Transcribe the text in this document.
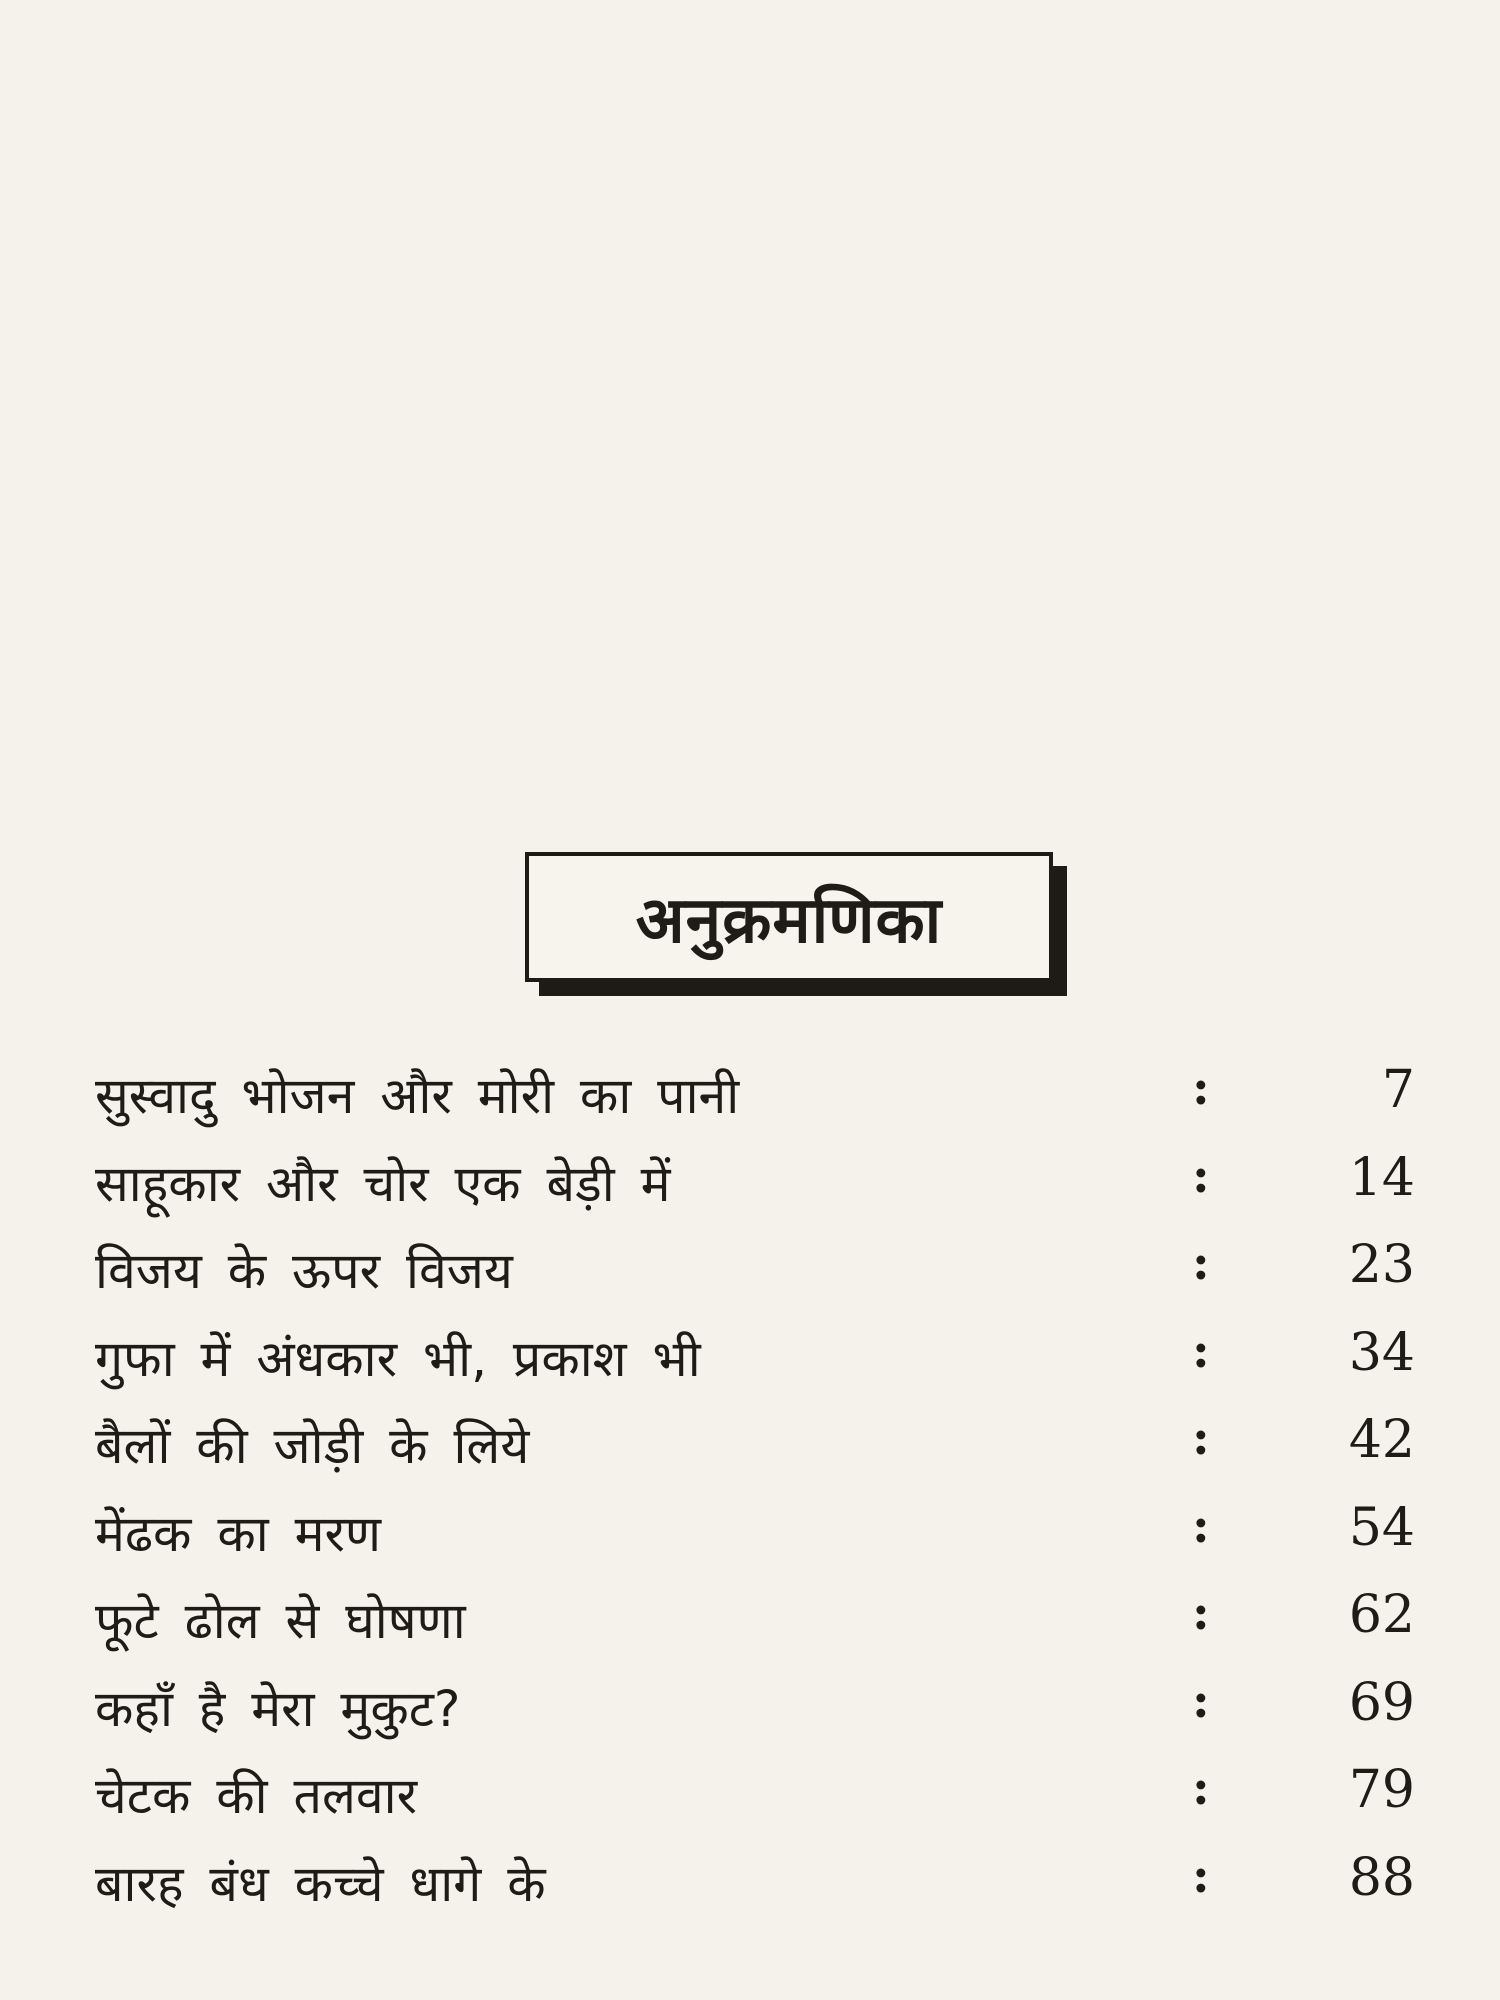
अनुक्रमणिका
सुस्वादु भोजन और मोरी का पानी	:	7
साहूकार और चोर एक बेड़ी में	:	14
विजय के ऊपर विजय	:	23
गुफा में अंधकार भी, प्रकाश भी	:	34
बैलों की जोड़ी के लिये	:	42
मेंढक का मरण	:	54
फूटे ढोल से घोषणा	:	62
कहाँ है मेरा मुकुट?	:	69
चेटक की तलवार	:	79
बारह बंध कच्चे धागे के	:	88
